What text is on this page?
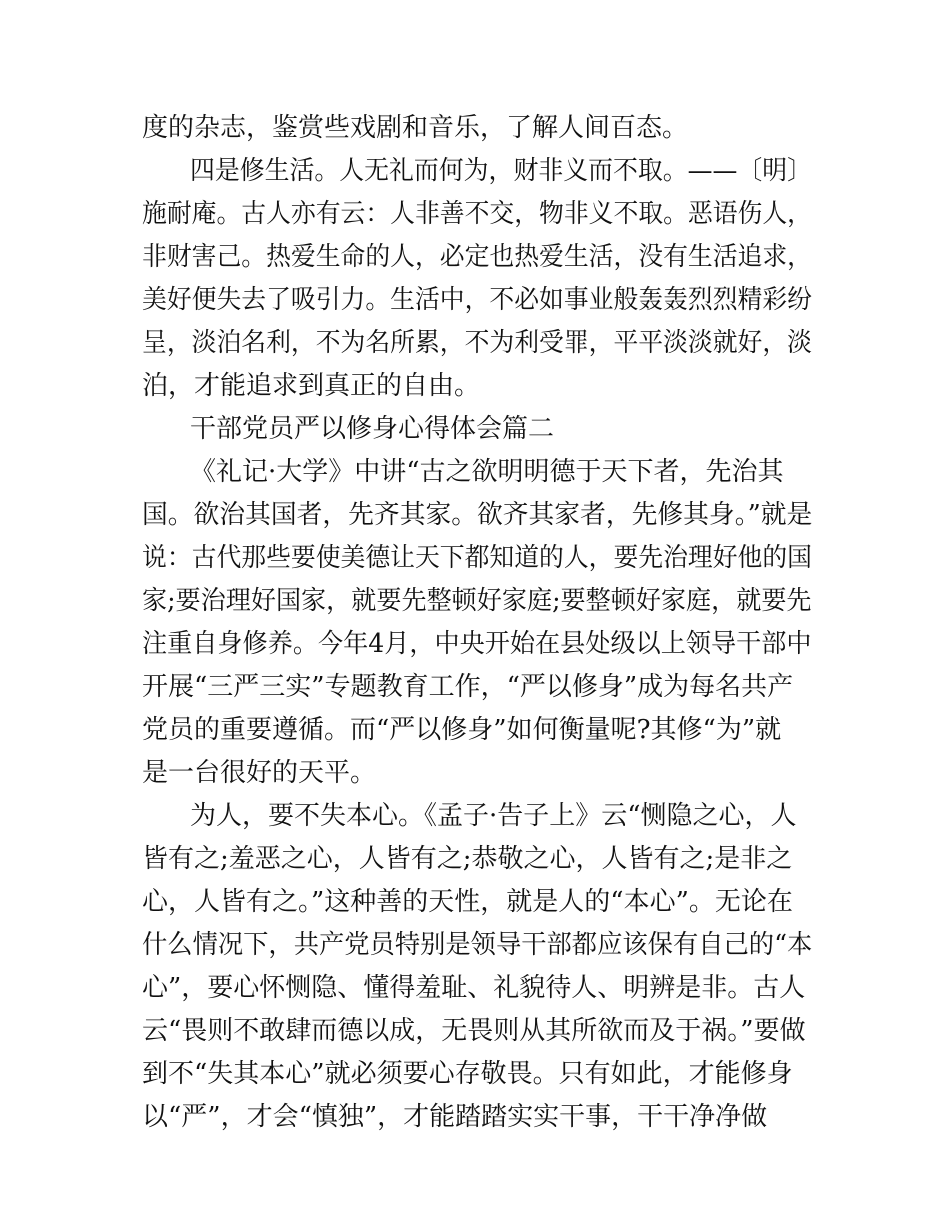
度的杂志，鉴赏些戏剧和音乐，了解人间百态。
四是修生活。人无礼而何为，财非义而不取。——〔明〕
施耐庵。古人亦有云：人非善不交，物非义不取。恶语伤人，
非财害己。热爱生命的人，必定也热爱生活，没有生活追求，
美好便失去了吸引力。生活中，不必如事业般轰轰烈烈精彩纷
呈，淡泊名利，不为名所累，不为利受罪，平平淡淡就好，淡
泊，才能追求到真正的自由。
干部党员严以修身心得体会篇二
《礼记·大学》中讲“古之欲明明德于天下者，先治其
国。欲治其国者，先齐其家。欲齐其家者，先修其身。”就是
说：古代那些要使美德让天下都知道的人，要先治理好他的国
家;要治理好国家，就要先整顿好家庭;要整顿好家庭，就要先
注重自身修养。今年4月，中央开始在县处级以上领导干部中
开展“三严三实”专题教育工作，“严以修身”成为每名共产
党员的重要遵循。而“严以修身”如何衡量呢?其修“为”就
是一台很好的天平。
为人，要不失本心。《孟子·告子上》云“恻隐之心，人
皆有之;羞恶之心，人皆有之;恭敬之心，人皆有之;是非之
心，人皆有之。”这种善的天性，就是人的“本心”。无论在
什么情况下，共产党员特别是领导干部都应该保有自己的“本
心”，要心怀恻隐、懂得羞耻、礼貌待人、明辨是非。古人
云“畏则不敢肆而德以成，无畏则从其所欲而及于祸。”要做
到不“失其本心”就必须要心存敬畏。只有如此，才能修身
以“严”，才会“慎独”，才能踏踏实实干事，干干净净做
